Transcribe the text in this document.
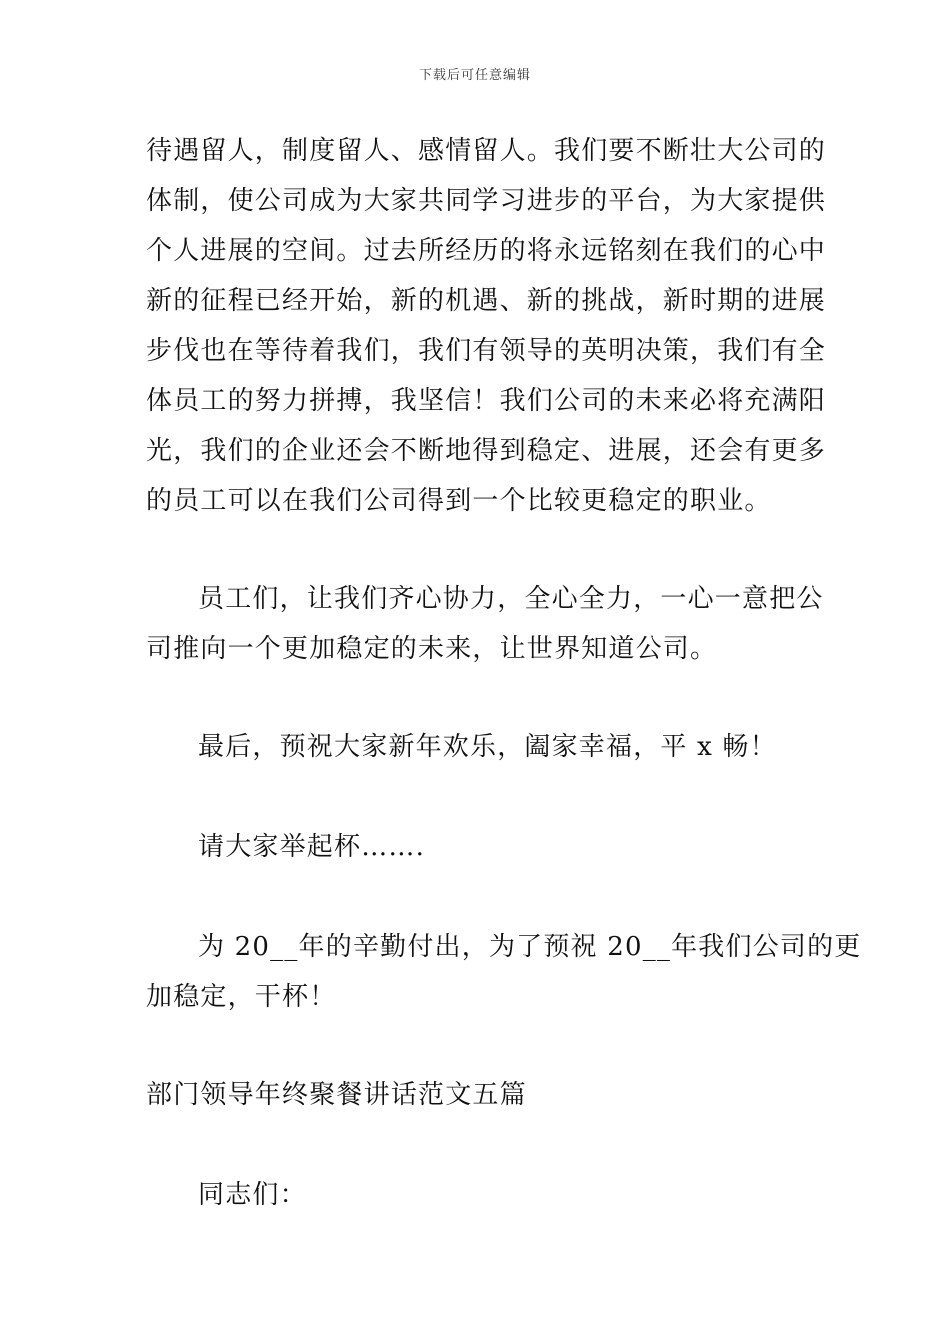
下载后可任意编辑
待遇留人，制度留人、感情留人。我们要不断壮大公司的
体制，使公司成为大家共同学习进步的平台，为大家提供
个人进展的空间。过去所经历的将永远铭刻在我们的心中
新的征程已经开始，新的机遇、新的挑战，新时期的进展
步伐也在等待着我们，我们有领导的英明决策，我们有全
体员工的努力拼搏，我坚信！我们公司的未来必将充满阳
光，我们的企业还会不断地得到稳定、进展，还会有更多
的员工可以在我们公司得到一个比较更稳定的职业。
员工们，让我们齐心协力，全心全力，一心一意把公
司推向一个更加稳定的未来，让世界知道公司。
最后，预祝大家新年欢乐，阖家幸福，平 x 畅！
请大家举起杯…….
为 20__年的辛勤付出，为了预祝 20__年我们公司的更
加稳定，干杯！
部门领导年终聚餐讲话范文五篇
同志们：
